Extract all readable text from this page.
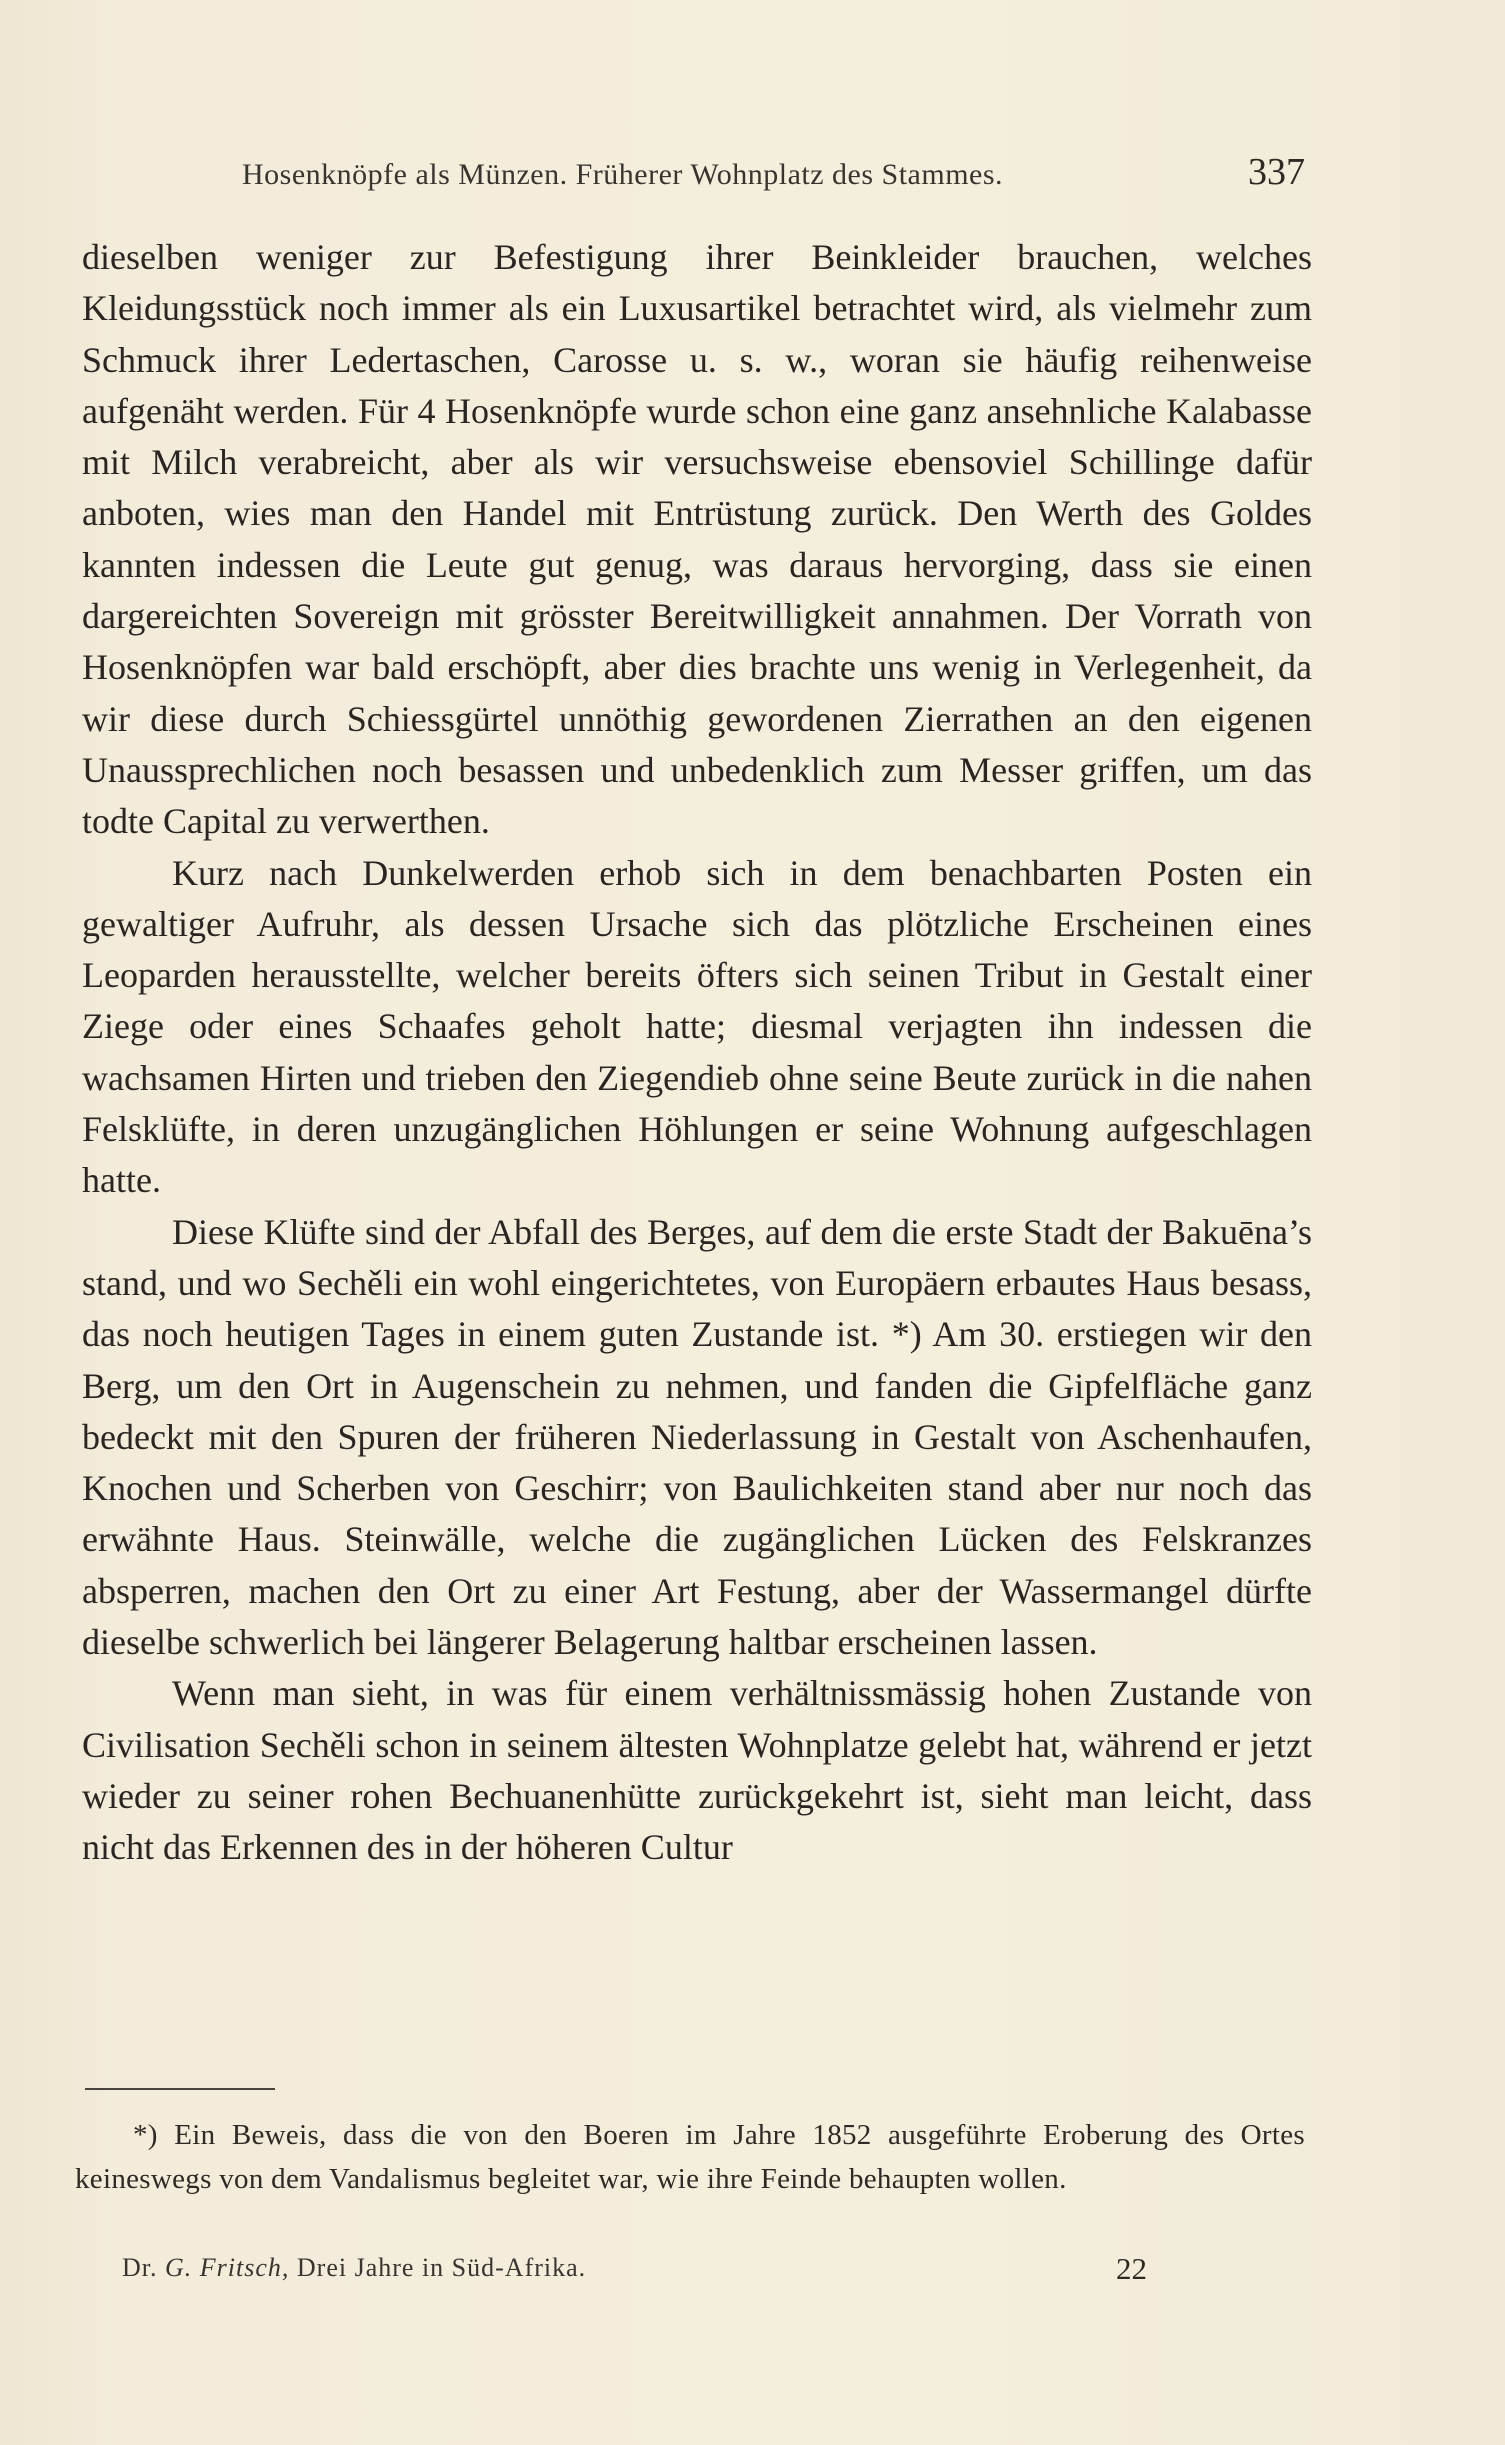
Hosenknöpfe als Münzen. Früherer Wohnplatz des Stammes.	337

dieselben weniger zur Befestigung ihrer Beinkleider brauchen, welches Kleidungsstück noch immer als ein Luxusartikel betrachtet wird, als vielmehr zum Schmuck ihrer Ledertaschen, Carosse u. s. w., woran sie häufig reihenweise aufgenäht werden. Für 4 Hosenknöpfe wurde schon eine ganz ansehnliche Kalabasse mit Milch verabreicht, aber als wir versuchsweise ebensoviel Schillinge dafür anboten, wies man den Handel mit Entrüstung zurück. Den Werth des Goldes kannten indessen die Leute gut genug, was daraus hervorging, dass sie einen dargereichten Sovereign mit grösster Bereitwilligkeit annahmen. Der Vorrath von Hosenknöpfen war bald erschöpft, aber dies brachte uns wenig in Verlegenheit, da wir diese durch Schiessgürtel unnöthig gewordenen Zierrathen an den eigenen Unaussprechlichen noch besassen und unbedenklich zum Messer griffen, um das todte Capital zu verwerthen.

Kurz nach Dunkelwerden erhob sich in dem benachbarten Posten ein gewaltiger Aufruhr, als dessen Ursache sich das plötzliche Erscheinen eines Leoparden herausstellte, welcher bereits öfters sich seinen Tribut in Gestalt einer Ziege oder eines Schaafes geholt hatte; diesmal verjagten ihn indessen die wachsamen Hirten und trieben den Ziegendieb ohne seine Beute zurück in die nahen Felsklüfte, in deren unzugänglichen Höhlungen er seine Wohnung aufgeschlagen hatte.

Diese Klüfte sind der Abfall des Berges, auf dem die erste Stadt der Bakuēna’s stand, und wo Sechěli ein wohl eingerichtetes, von Europäern erbautes Haus besass, das noch heutigen Tages in einem guten Zustande ist. *) Am 30. erstiegen wir den Berg, um den Ort in Augenschein zu nehmen, und fanden die Gipfelfläche ganz bedeckt mit den Spuren der früheren Niederlassung in Gestalt von Aschenhaufen, Knochen und Scherben von Geschirr; von Baulichkeiten stand aber nur noch das erwähnte Haus. Steinwälle, welche die zugänglichen Lücken des Felskranzes absperren, machen den Ort zu einer Art Festung, aber der Wassermangel dürfte dieselbe schwerlich bei längerer Belagerung haltbar erscheinen lassen.

Wenn man sieht, in was für einem verhältnissmässig hohen Zustande von Civilisation Sechěli schon in seinem ältesten Wohnplatze gelebt hat, während er jetzt wieder zu seiner rohen Bechuanenhütte zurückgekehrt ist, sieht man leicht, dass nicht das Erkennen des in der höheren Cultur

*) Ein Beweis, dass die von den Boeren im Jahre 1852 ausgeführte Eroberung des Ortes keineswegs von dem Vandalismus begleitet war, wie ihre Feinde behaupten wollen.
Dr. G. Fritsch, Drei Jahre in Süd-Afrika.	22
